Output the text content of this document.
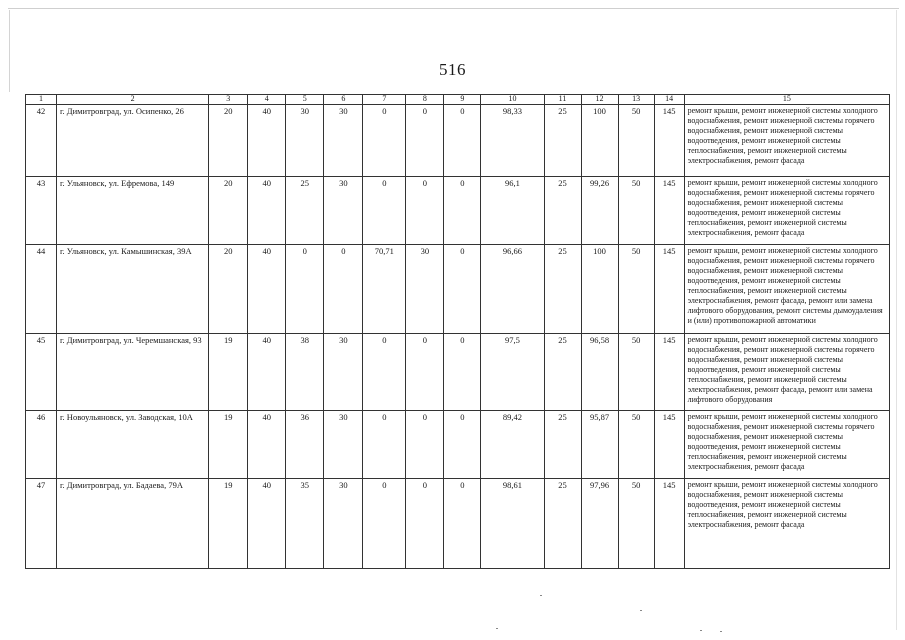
516
1	2	3	4	5	6	7	8	9	10	11	12	13	14	15
42	г. Димитровград, ул. Осипенко, 26	20	40	30	30	0	0	0	98,33	25	100	50	145	ремонт крыши, ремонт инженерной системы холодного водоснабжения, ремонт инженерной системы горячего водоснабжения, ремонт инженерной системы водоотведения, ремонт инженерной системы теплоснабжения, ремонт инженерной системы электроснабжения, ремонт фасада
43	г. Ульяновск, ул. Ефремова, 149	20	40	25	30	0	0	0	96,1	25	99,26	50	145	ремонт крыши, ремонт инженерной системы холодного водоснабжения, ремонт инженерной системы горячего водоснабжения, ремонт инженерной системы водоотведения, ремонт инженерной системы теплоснабжения, ремонт инженерной системы электроснабжения, ремонт фасада
44	г. Ульяновск, ул. Камышинская, 39А	20	40	0	0	70,71	30	0	96,66	25	100	50	145	ремонт крыши, ремонт инженерной системы холодного водоснабжения, ремонт инженерной системы горячего водоснабжения, ремонт инженерной системы водоотведения, ремонт инженерной системы теплоснабжения, ремонт инженерной системы электроснабжения, ремонт фасада, ремонт или замена лифтового оборудования, ремонт системы дымоудаления и (или) противопожарной автоматики
45	г. Димитровград, ул. Черемшанская, 93	19	40	38	30	0	0	0	97,5	25	96,58	50	145	ремонт крыши, ремонт инженерной системы холодного водоснабжения, ремонт инженерной системы горячего водоснабжения, ремонт инженерной системы водоотведения, ремонт инженерной системы теплоснабжения, ремонт инженерной системы электроснабжения, ремонт фасада, ремонт или замена лифтового оборудования
46	г. Новоульяновск, ул. Заводская, 10А	19	40	36	30	0	0	0	89,42	25	95,87	50	145	ремонт крыши, ремонт инженерной системы холодного водоснабжения, ремонт инженерной системы горячего водоснабжения, ремонт инженерной системы водоотведения, ремонт инженерной системы теплоснабжения, ремонт инженерной системы электроснабжения, ремонт фасада
47	г. Димитровград, ул. Бадаева, 79А	19	40	35	30	0	0	0	98,61	25	97,96	50	145	ремонт крыши, ремонт инженерной системы холодного водоснабжения, ремонт инженерной системы водоотведения, ремонт инженерной системы теплоснабжения, ремонт инженерной системы электроснабжения, ремонт фасада
